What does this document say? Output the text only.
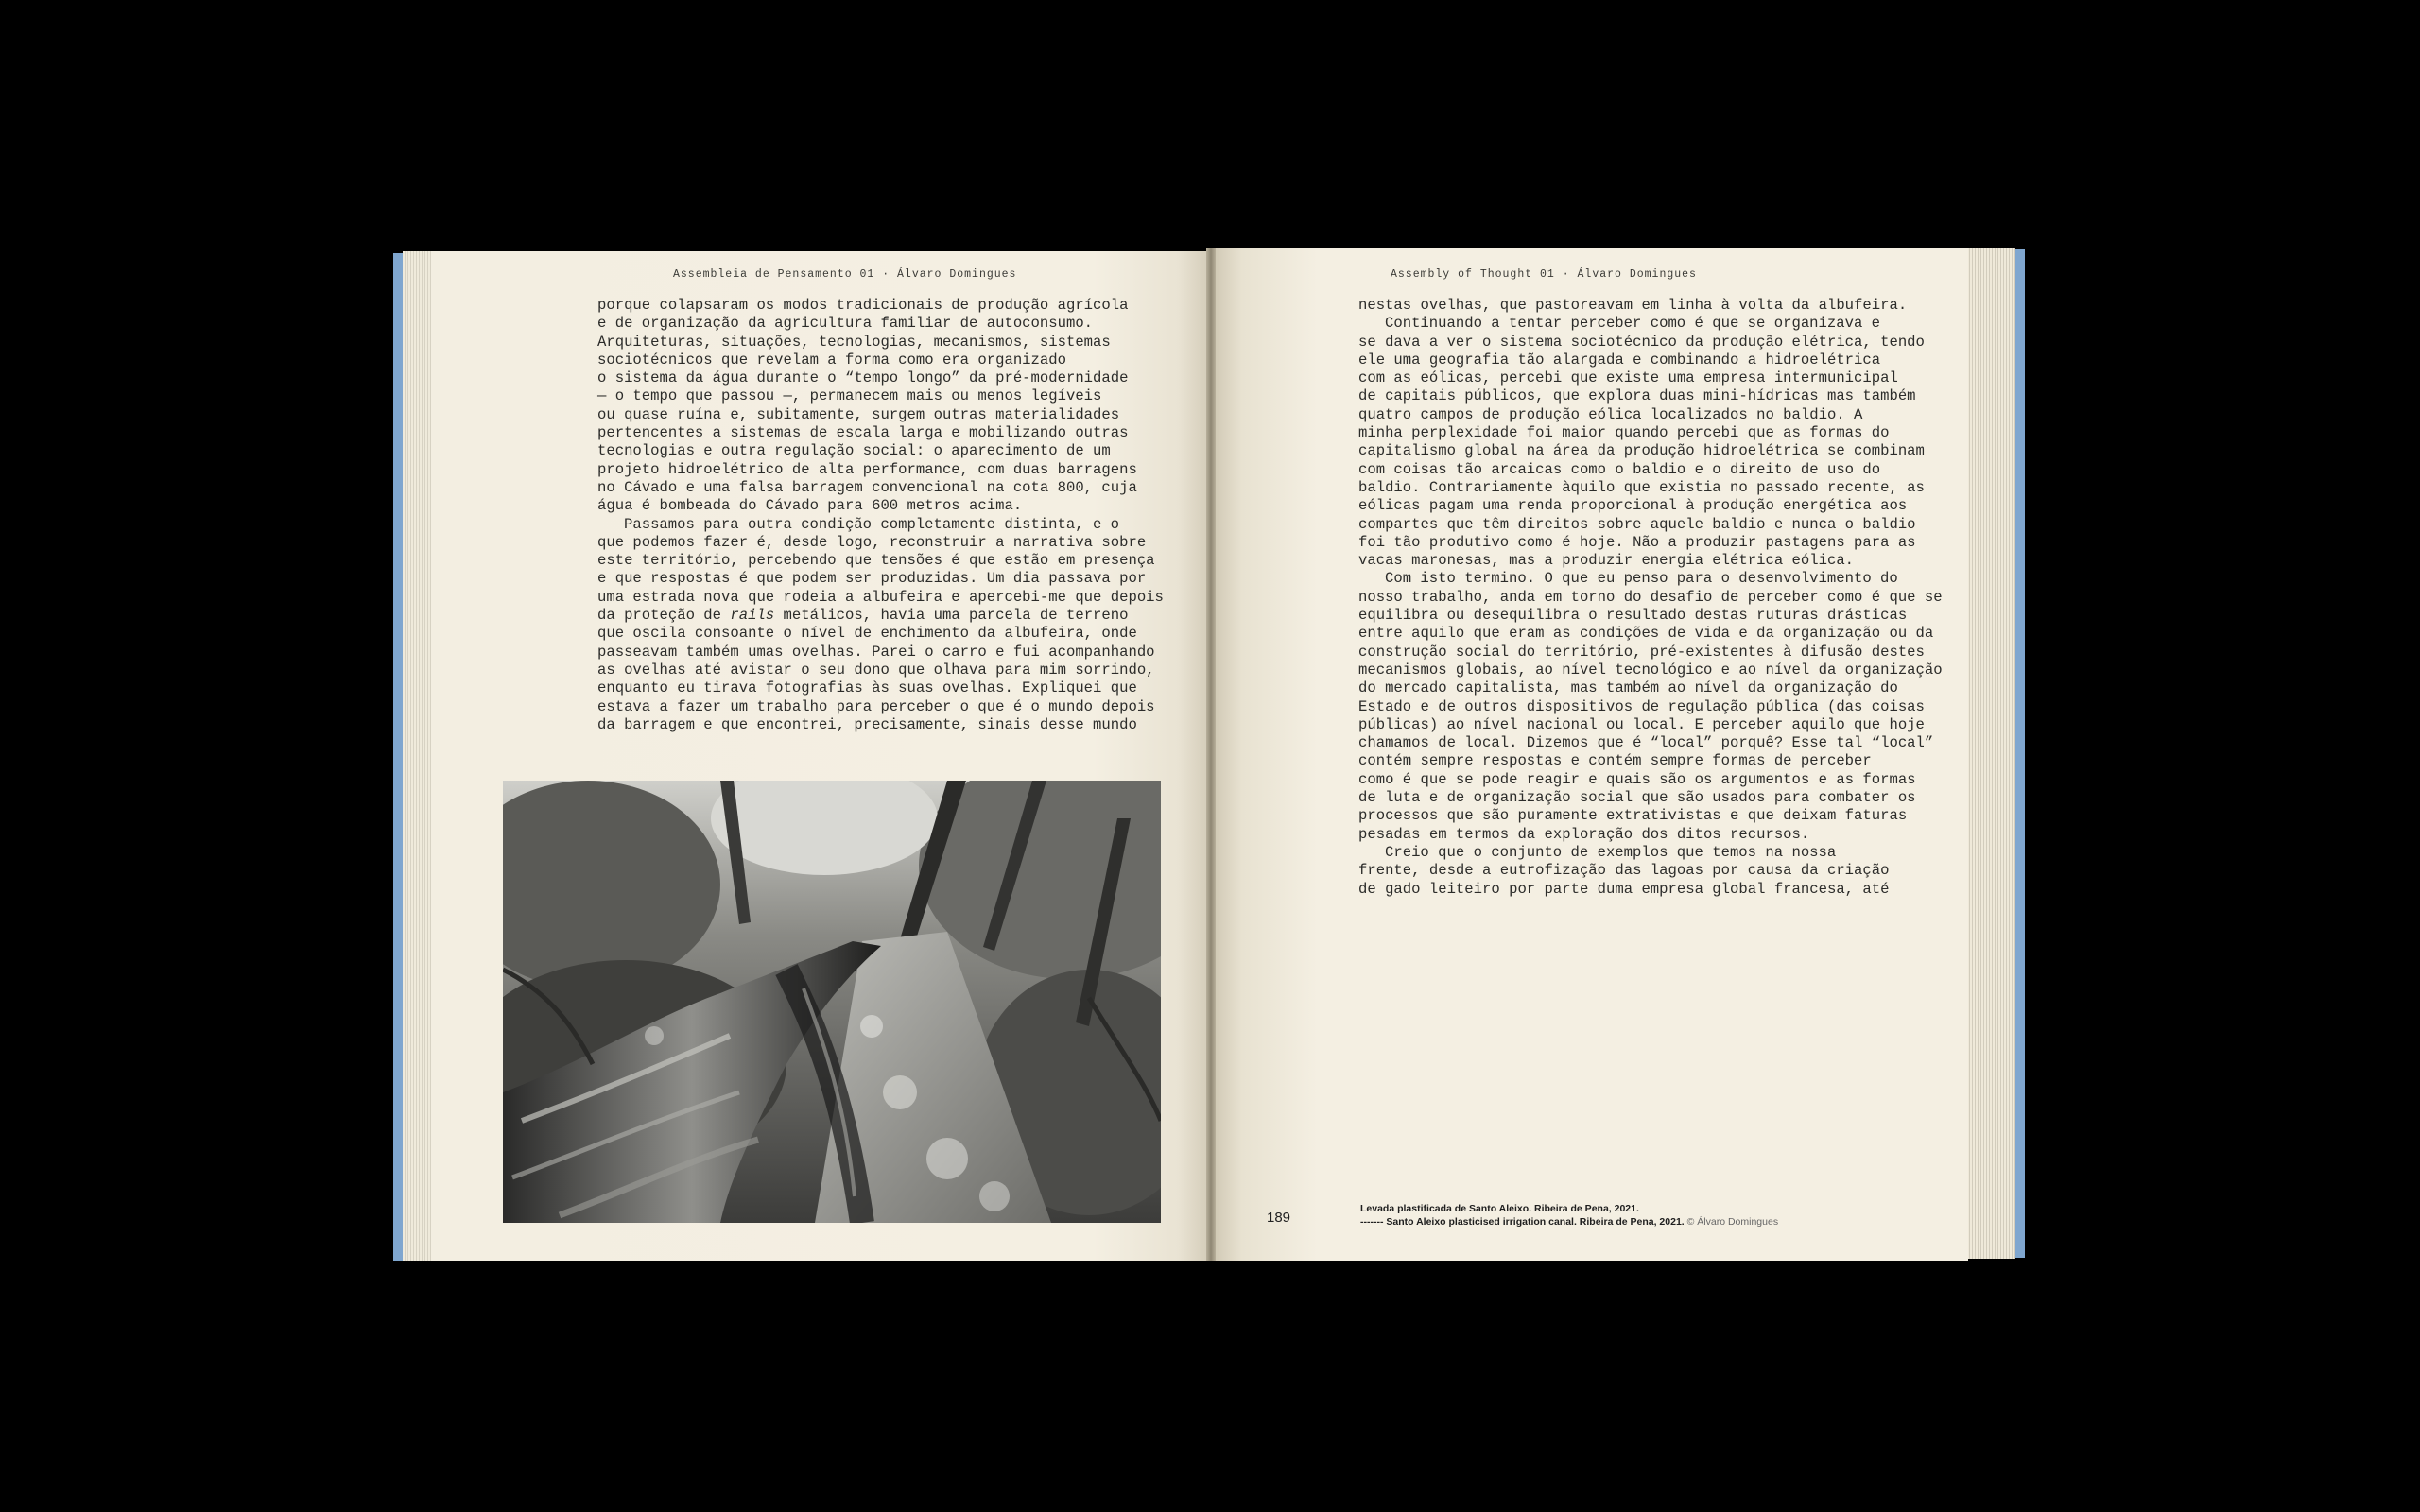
Assembleia de Pensamento 01 · Álvaro Domingues	Assembly of Thought 01 · Álvaro Domingues
porque colapsaram os modos tradicionais de produção agrícola
e de organização da agricultura familiar de autoconsumo.
Arquiteturas, situações, tecnologias, mecanismos, sistemas
sociotécnicos que revelam a forma como era organizado
o sistema da água durante o “tempo longo” da pré-modernidade
— o tempo que passou —, permanecem mais ou menos legíveis
ou quase ruína e, subitamente, surgem outras materialidades
pertencentes a sistemas de escala larga e mobilizando outras
tecnologias e outra regulação social: o aparecimento de um
projeto hidroelétrico de alta performance, com duas barragens
no Cávado e uma falsa barragem convencional na cota 800, cuja
água é bombeada do Cávado para 600 metros acima.
Passamos para outra condição completamente distinta, e o
que podemos fazer é, desde logo, reconstruir a narrativa sobre
este território, percebendo que tensões é que estão em presença
e que respostas é que podem ser produzidas. Um dia passava por
uma estrada nova que rodeia a albufeira e apercebi-me que depois
da proteção de rails metálicos, havia uma parcela de terreno
que oscila consoante o nível de enchimento da albufeira, onde
passeavam também umas ovelhas. Parei o carro e fui acompanhando
as ovelhas até avistar o seu dono que olhava para mim sorrindo,
enquanto eu tirava fotografias às suas ovelhas. Expliquei que
estava a fazer um trabalho para perceber o que é o mundo depois
da barragem e que encontrei, precisamente, sinais desse mundo
nestas ovelhas, que pastoreavam em linha à volta da albufeira.
Continuando a tentar perceber como é que se organizava e
se dava a ver o sistema sociotécnico da produção elétrica, tendo
ele uma geografia tão alargada e combinando a hidroelétrica
com as eólicas, percebi que existe uma empresa intermunicipal
de capitais públicos, que explora duas mini-hídricas mas também
quatro campos de produção eólica localizados no baldio. A
minha perplexidade foi maior quando percebi que as formas do
capitalismo global na área da produção hidroelétrica se combinam
com coisas tão arcaicas como o baldio e o direito de uso do
baldio. Contrariamente àquilo que existia no passado recente, as
eólicas pagam uma renda proporcional à produção energética aos
compartes que têm direitos sobre aquele baldio e nunca o baldio
foi tão produtivo como é hoje. Não a produzir pastagens para as
vacas maronesas, mas a produzir energia elétrica eólica.
Com isto termino. O que eu penso para o desenvolvimento do
nosso trabalho, anda em torno do desafio de perceber como é que se
equilibra ou desequilibra o resultado destas ruturas drásticas
entre aquilo que eram as condições de vida e da organização ou da
construção social do território, pré-existentes à difusão destes
mecanismos globais, ao nível tecnológico e ao nível da organização
do mercado capitalista, mas também ao nível da organização do
Estado e de outros dispositivos de regulação pública (das coisas
públicas) ao nível nacional ou local. E perceber aquilo que hoje
chamamos de local. Dizemos que é “local” porquê? Esse tal “local”
contém sempre respostas e contém sempre formas de perceber
como é que se pode reagir e quais são os argumentos e as formas
de luta e de organização social que são usados para combater os
processos que são puramente extrativistas e que deixam faturas
pesadas em termos da exploração dos ditos recursos.
Creio que o conjunto de exemplos que temos na nossa
frente, desde a eutrofização das lagoas por causa da criação
de gado leiteiro por parte duma empresa global francesa, até
189
Levada plastificada de Santo Aleixo. Ribeira de Pena, 2021.
------- Santo Aleixo plasticised irrigation canal. Ribeira de Pena, 2021. © Álvaro Domingues
